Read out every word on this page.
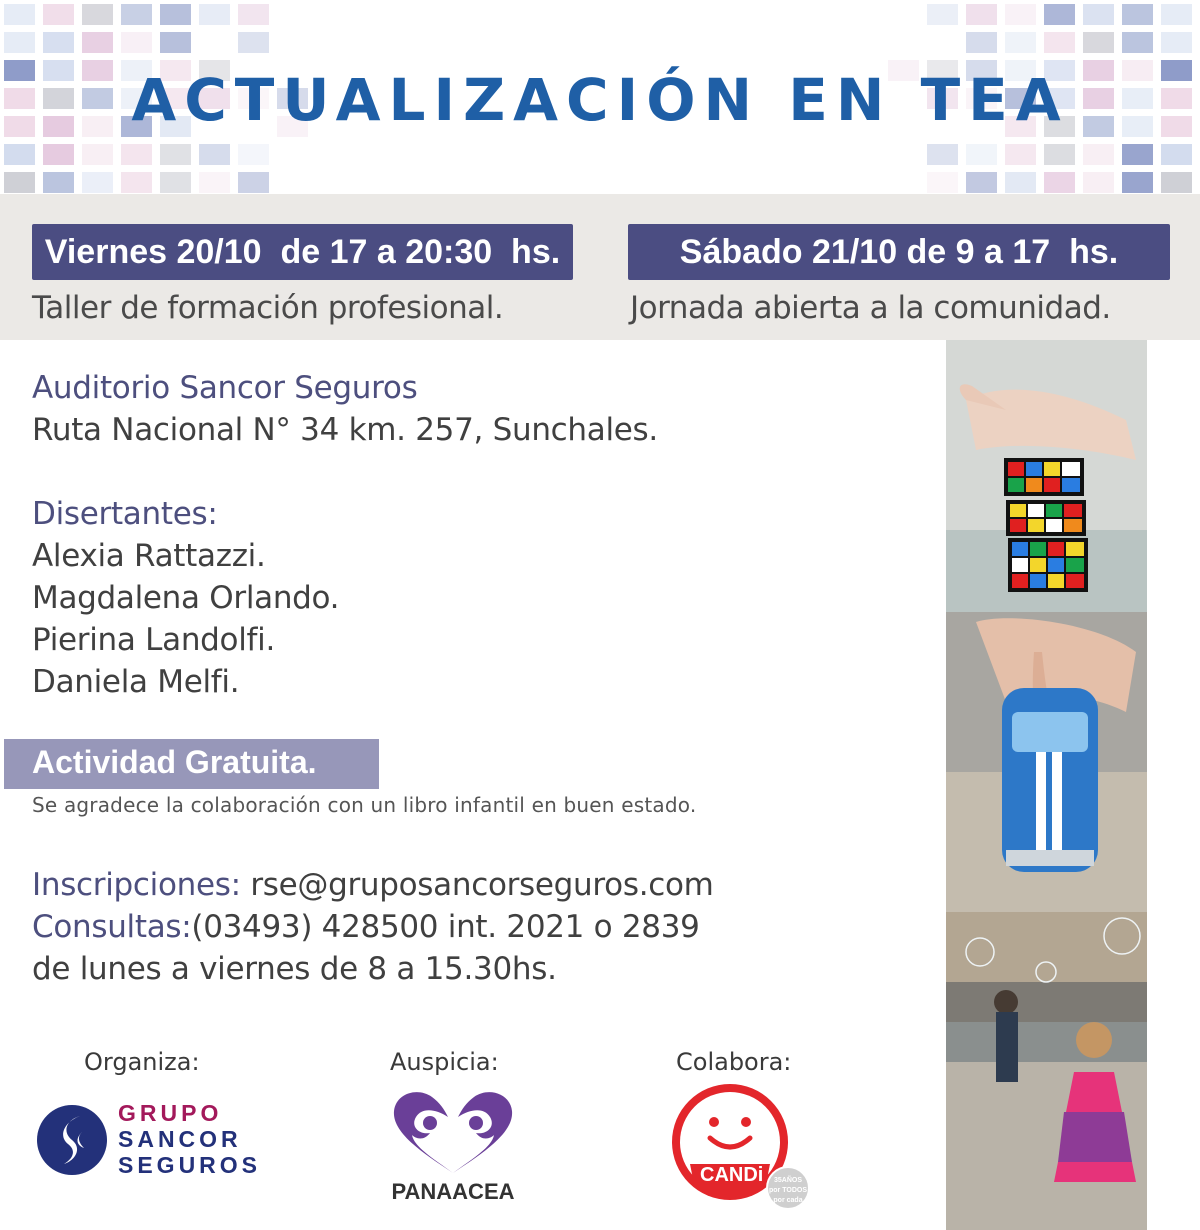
ACTUALIZACIÓN EN TEA
Viernes 20/10  de 17 a 20:30  hs.
Taller de formación profesional.
Sábado 21/10 de 9 a 17  hs.
Jornada abierta a la comunidad.
Auditorio Sancor Seguros
Ruta Nacional N° 34 km. 257, Sunchales.
Disertantes:
Alexia Rattazzi.
Magdalena Orlando.
Pierina Landolfi.
Daniela Melfi.
Actividad Gratuita.
Se agradece la colaboración con un libro infantil en buen estado.
Inscripciones: rse@gruposancorseguros.com
Consultas:(03493) 428500 int. 2021 o 2839
de lunes a viernes de 8 a 15.30hs.
Organiza:	Auspicia:	Colabora:
GRUPO
SANCOR
SEGUROS
PANAACEA
CANDi	35AÑOS
por TODOS
por cada
